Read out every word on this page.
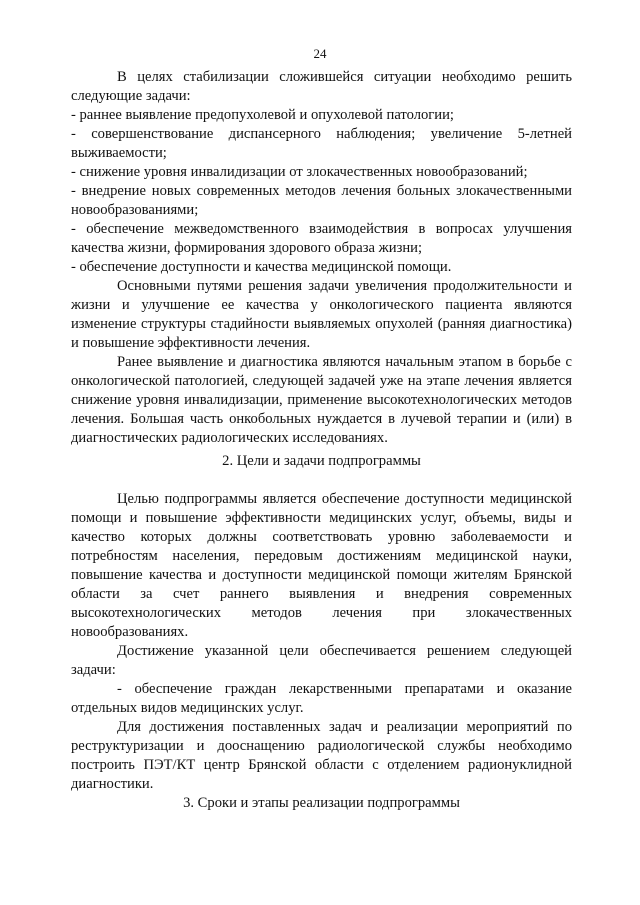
24

В целях стабилизации сложившейся ситуации необходимо решить следующие задачи:

- раннее выявление предопухолевой и опухолевой патологии;

- совершенствование диспансерного наблюдения; увеличение 5-летней выживаемости;

- снижение уровня инвалидизации от злокачественных новообразований;

- внедрение новых современных методов лечения больных злокачественными новообразованиями;

- обеспечение межведомственного взаимодействия в вопросах улучшения качества жизни, формирования здорового образа жизни;

- обеспечение доступности и качества медицинской помощи.

Основными путями решения задачи увеличения продолжительности и жизни и улучшение ее качества у онкологического пациента являются изменение структуры стадийности выявляемых опухолей (ранняя диагностика) и повышение эффективности лечения.

Ранее выявление и диагностика являются начальным этапом в борьбе с онкологической патологией, следующей задачей уже на этапе лечения является снижение уровня инвалидизации, применение высокотехнологических методов лечения. Большая часть онкобольных нуждается в лучевой терапии и (или) в диагностических радиологических исследованиях.

2. Цели и задачи подпрограммы

Целью подпрограммы является обеспечение доступности медицинской помощи и повышение эффективности медицинских услуг, объемы, виды и качество которых должны соответствовать уровню заболеваемости и потребностям населения, передовым достижениям медицинской науки, повышение качества и доступности медицинской помощи жителям Брянской области за счет раннего выявления и внедрения современных высокотехнологических методов лечения при злокачественных новообразованиях.

Достижение указанной цели обеспечивается решением следующей задачи:

- обеспечение граждан лекарственными препаратами и оказание отдельных видов медицинских услуг.

Для достижения поставленных задач и реализации мероприятий по реструктуризации и дооснащению радиологической службы необходимо построить ПЭТ/КТ центр Брянской области с отделением радионуклидной диагностики.

3. Сроки и этапы реализации подпрограммы
